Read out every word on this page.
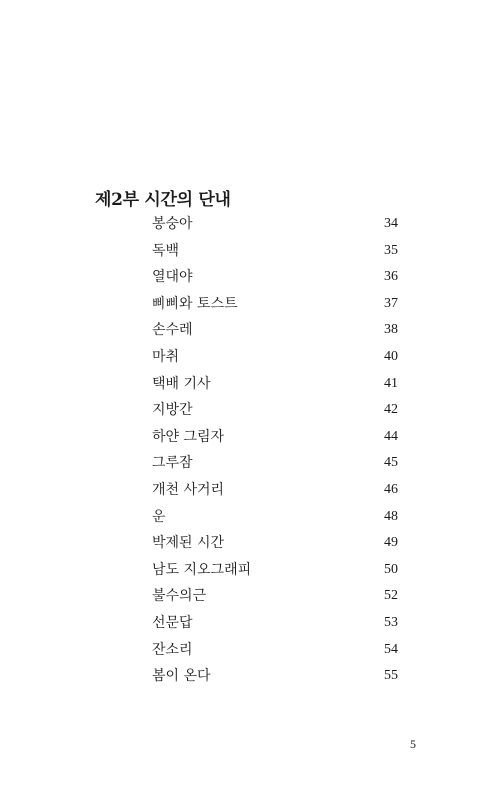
제2부 시간의 단내
봉숭아	34
독백	35
열대야	36
삐삐와 토스트	37
손수레	38
마취	40
택배 기사	41
지방간	42
하얀 그림자	44
그루잠	45
개천 사거리	46
운	48
박제된 시간	49
남도 지오그래피	50
불수의근	52
선문답	53
잔소리	54
봄이 온다	55
5
